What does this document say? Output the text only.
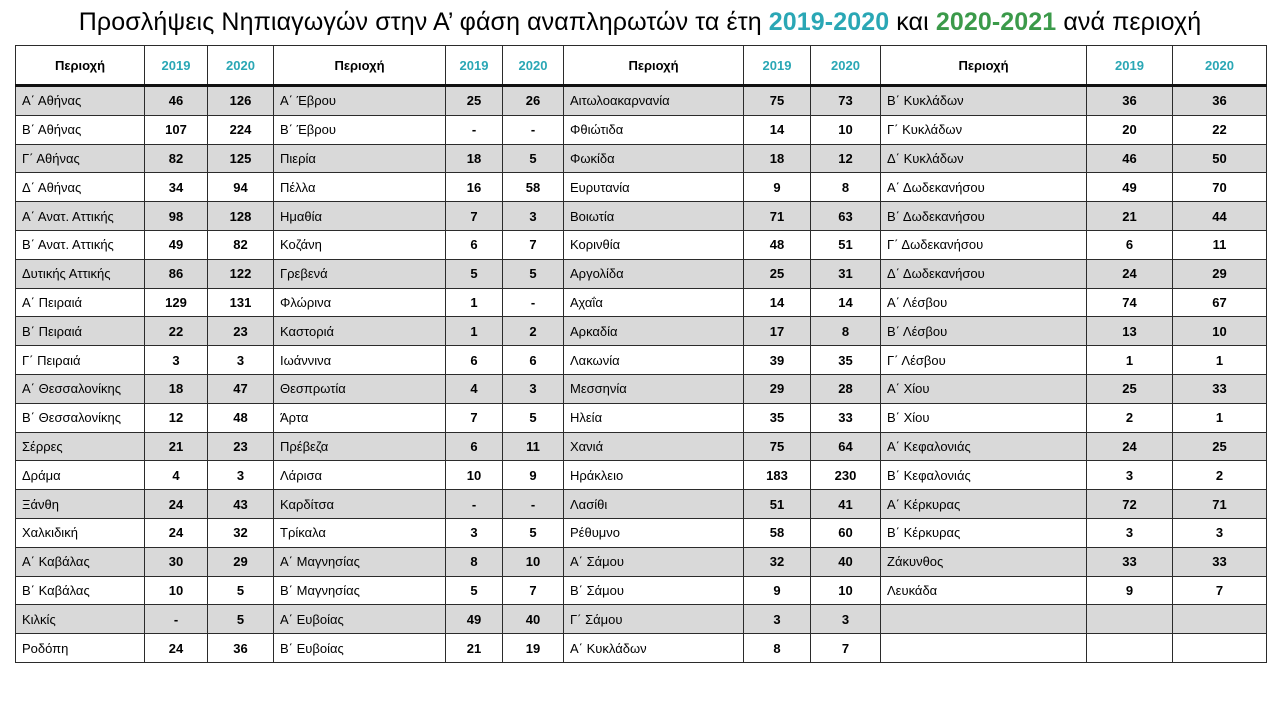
Προσλήψεις Νηπιαγωγών στην Α’ φάση αναπληρωτών τα έτη 2019-2020 και 2020-2021 ανά περιοχή
Περιοχή	2019	2020	Περιοχή	2019	2020	Περιοχή	2019	2020	Περιοχή	2019	2020
Α΄ Αθήνας	46	126	Α΄ Έβρου	25	26	Αιτωλοακαρνανία	75	73	Β΄ Κυκλάδων	36	36
Β΄ Αθήνας	107	224	Β΄ Έβρου	-	-	Φθιώτιδα	14	10	Γ΄ Κυκλάδων	20	22
Γ΄ Αθήνας	82	125	Πιερία	18	5	Φωκίδα	18	12	Δ΄ Κυκλάδων	46	50
Δ΄ Αθήνας	34	94	Πέλλα	16	58	Ευρυτανία	9	8	Α΄ Δωδεκανήσου	49	70
Α΄ Ανατ. Αττικής	98	128	Ημαθία	7	3	Βοιωτία	71	63	Β΄ Δωδεκανήσου	21	44
Β΄ Ανατ. Αττικής	49	82	Κοζάνη	6	7	Κορινθία	48	51	Γ΄ Δωδεκανήσου	6	11
Δυτικής Αττικής	86	122	Γρεβενά	5	5	Αργολίδα	25	31	Δ΄ Δωδεκανήσου	24	29
Α΄ Πειραιά	129	131	Φλώρινα	1	-	Αχαΐα	14	14	Α΄ Λέσβου	74	67
Β΄ Πειραιά	22	23	Καστοριά	1	2	Αρκαδία	17	8	Β΄ Λέσβου	13	10
Γ΄ Πειραιά	3	3	Ιωάννινα	6	6	Λακωνία	39	35	Γ΄ Λέσβου	1	1
Α΄ Θεσσαλονίκης	18	47	Θεσπρωτία	4	3	Μεσσηνία	29	28	Α΄ Χίου	25	33
Β΄ Θεσσαλονίκης	12	48	Άρτα	7	5	Ηλεία	35	33	Β΄ Χίου	2	1
Σέρρες	21	23	Πρέβεζα	6	11	Χανιά	75	64	Α΄ Κεφαλονιάς	24	25
Δράμα	4	3	Λάρισα	10	9	Ηράκλειο	183	230	Β΄ Κεφαλονιάς	3	2
Ξάνθη	24	43	Καρδίτσα	-	-	Λασίθι	51	41	Α΄ Κέρκυρας	72	71
Χαλκιδική	24	32	Τρίκαλα	3	5	Ρέθυμνο	58	60	Β΄ Κέρκυρας	3	3
Α΄ Καβάλας	30	29	Α΄ Μαγνησίας	8	10	Α΄ Σάμου	32	40	Ζάκυνθος	33	33
Β΄ Καβάλας	10	5	Β΄ Μαγνησίας	5	7	Β΄ Σάμου	9	10	Λευκάδα	9	7
Κιλκίς	-	5	Α΄ Ευβοίας	49	40	Γ΄ Σάμου	3	3			
Ροδόπη	24	36	Β΄ Ευβοίας	21	19	Α΄ Κυκλάδων	8	7			
